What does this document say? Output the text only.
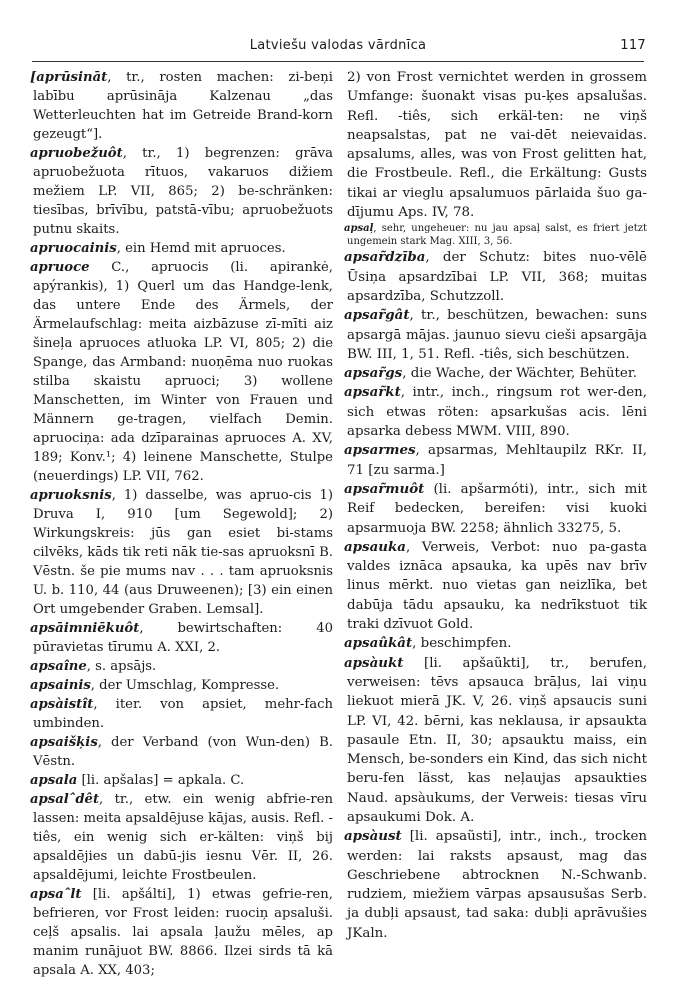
Latviešu valodas vārdnīca	117

[aprūsināt, tr., rosten machen: zi-beņi labību aprūsināja Kalzenau „das Wetterleuchten hat im Getreide Brand-korn gezeugt“].

apruobežuôt, tr., 1) begrenzen: grāva apruobežuota rītuos, vakaruos dižiem mežiem LP. VII, 865; 2) be-schränken: tiesības, brīvību, patstā-vību; apruobežuots putnu skaits.

apruocainis, ein Hemd mit apruoces.

apruoce C., apruocis (li. apirankė, apýrankis), 1) Querl um das Handge-lenk, das untere Ende des Ärmels, der Ärmelaufschlag: meita aizbāzuse zī-mīti aiz šineļa apruoces atluoka LP. VI, 805; 2) die Spange, das Armband: nuoņēma nuo ruokas stilba skaistu apruoci; 3) wollene Manschetten, im Winter von Frauen und Männern ge-tragen, vielfach Demin. apruociņa: ada dzīparainas apruoces A. XV, 189; Konv.¹; 4) leinene Manschette, Stulpe (neuerdings) LP. VII, 762.

apruoksnis, 1) dasselbe, was apruo-cis 1) Druva I, 910 [um Segewold]; 2) Wirkungskreis: jūs gan esiet bi-stams cilvēks, kāds tik reti nāk tie-sas apruoksnī B. Vēstn. še pie mums nav . . . tam apruoksnis U. b. 110, 44 (aus Druweenen); [3) ein einen Ort umgebender Graben. Lemsal].

apsāimniēkuôt, bewirtschaften: 40 pūravietas tīrumu A. XXI, 2.

apsaîne, s. apsājs.

apsainis, der Umschlag, Kompresse.

apsàistît, iter. von apsiet, mehr-fach umbinden.

apsaišķis, der Verband (von Wun-den) B. Vēstn.

apsala [li. apšalas] = apkala. C.

apsalˆdêt, tr., etw. ein wenig abfrie-ren lassen: meita apsaldējuse kājas, ausis. Refl. -tiês, ein wenig sich er-kälten: viņš bij apsaldējies un dabū-jis iesnu Vēr. II, 26. apsaldējumi, leichte Frostbeulen.

apsaˆlt [li. apšálti], 1) etwas gefrie-ren, befrieren, vor Frost leiden: ruociņ apsaluši. ceļš apsalis. lai apsala ļaužu mēles, ap manim runājuot BW. 8866. Ilzei sirds tā kā apsala A. XX, 403;

2) von Frost vernichtet werden in grossem Umfange: šuonakt visas pu-ķes apsalušas. Refl. -tiês, sich erkäl-ten: ne viņš neapsalstas, pat ne vai-dēt neievaidas. apsalums, alles, was von Frost gelitten hat, die Frostbeule. Refl., die Erkältung: Gusts tikai ar vieglu apsalumuos pārlaida šuo ga-dījumu Aps. IV, 78.

apsaļ, sehr, ungeheuer: nu jau apsaļ salst, es friert jetzt ungemein stark Mag. XIII, 3, 56.

apsar̃dzība, der Schutz: bites nuo-vēlē Ūsiņa apsardzībai LP. VII, 368; muitas apsardzība, Schutzzoll.

apsar̃gât, tr., beschützen, bewachen: suns apsargā mājas. jaunuo sievu cieši apsargāja BW. III, 1, 51. Refl. -tiês, sich beschützen.

apsar̃gs, die Wache, der Wächter, Behüter.

apsar̃kt, intr., inch., ringsum rot wer-den, sich etwas röten: apsarkušas acis. lēni apsarka debess MWM. VIII, 890.

apsarmes, apsarmas, Mehltaupilz RKr. II, 71 [zu sarma.]

apsar̃muôt (li. apšarmóti), intr., sich mit Reif bedecken, bereifen: visi kuoki apsarmuoja BW. 2258; ähnlich 33275, 5.

apsauka, Verweis, Verbot: nuo pa-gasta valdes iznāca apsauka, ka upēs nav brīv linus mērkt. nuo vietas gan neizlīka, bet dabūja tādu apsauku, ka nedrīkstuot tik traki dzīvuot Gold.

apsaûkât, beschimpfen.

apsàukt [li. apšaũkti], tr., berufen, verweisen: tēvs apsauca brāļus, lai viņu liekuot mierā JK. V, 26. viņš apsaucis suni LP. VI, 42. bērni, kas neklausa, ir apsaukta pasaule Etn. II, 30; apsauktu maiss, ein Mensch, be-sonders ein Kind, das sich nicht beru-fen lässt, kas neļaujas apsaukties Naud. apsàukums, der Verweis: tiesas vīru apsaukumi Dok. A.

apsàust [li. apsaũsti], intr., inch., trocken werden: lai raksts apsaust, mag das Geschriebene abtrocknen N.-Schwanb. rudziem, miežiem vārpas apsausušas Serb. ja dubļi apsaust, tad saka: dubļi aprāvušies JKaln.
